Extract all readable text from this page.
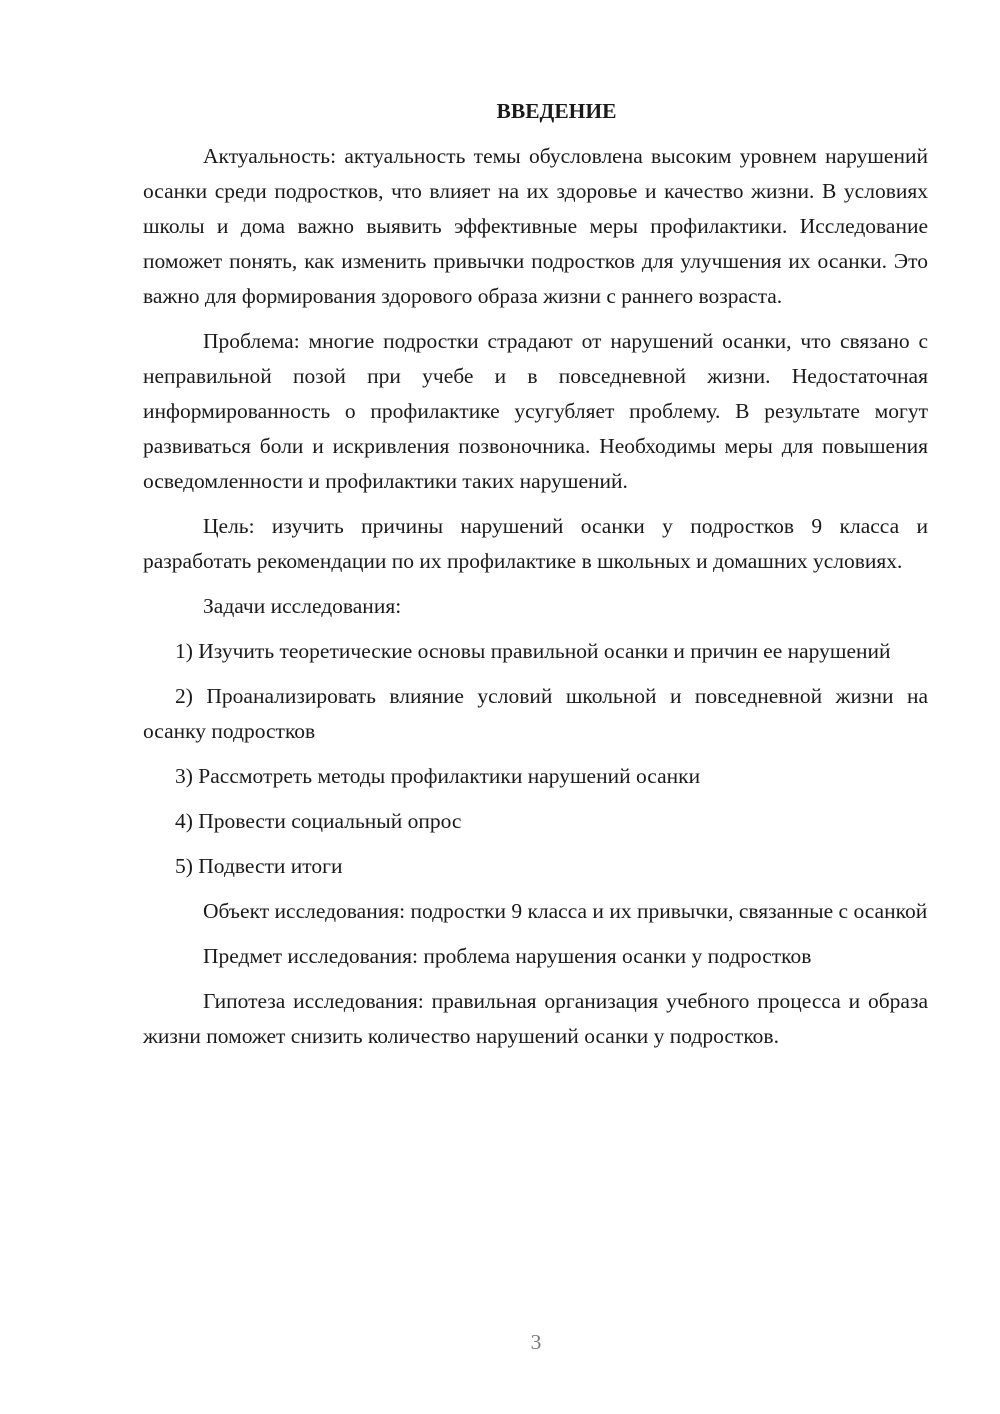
ВВЕДЕНИЕ

Актуальность: актуальность темы обусловлена высоким уровнем нарушений осанки среди подростков, что влияет на их здоровье и качество жизни. В условиях школы и дома важно выявить эффективные меры профилактики. Исследование поможет понять, как изменить привычки подростков для улучшения их осанки. Это важно для формирования здорового образа жизни с раннего возраста.

Проблема: многие подростки страдают от нарушений осанки, что связано с неправильной позой при учебе и в повседневной жизни. Недостаточная информированность о профилактике усугубляет проблему. В результате могут развиваться боли и искривления позвоночника. Необходимы меры для повышения осведомленности и профилактики таких нарушений.

Цель: изучить причины нарушений осанки у подростков 9 класса и разработать рекомендации по их профилактике в школьных и домашних условиях.

Задачи исследования:

1) Изучить теоретические основы правильной осанки и причин ее нарушений

2) Проанализировать влияние условий школьной и повседневной жизни на осанку подростков

3) Рассмотреть методы профилактики нарушений осанки

4) Провести социальный опрос

5) Подвести итоги

Объект исследования: подростки 9 класса и их привычки, связанные с осанкой

Предмет исследования: проблема нарушения осанки у подростков

Гипотеза исследования: правильная организация учебного процесса и образа жизни поможет снизить количество нарушений осанки у подростков.

3
